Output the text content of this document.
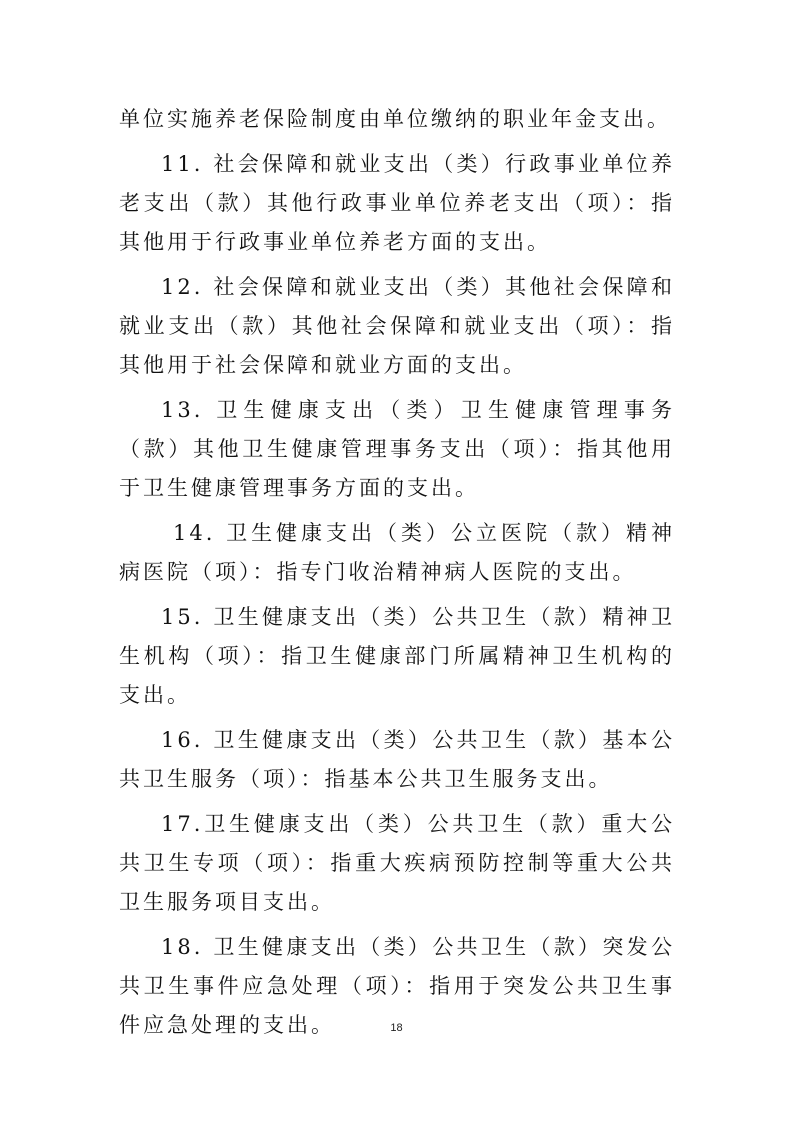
单位实施养老保险制度由单位缴纳的职业年金支出。

11. 社会保障和就业支出（类）行政事业单位养老支出（款）其他行政事业单位养老支出（项）：指其他用于行政事业单位养老方面的支出。

12. 社会保障和就业支出（类）其他社会保障和就业支出（款）其他社会保障和就业支出（项）：指其他用于社会保障和就业方面的支出。

13. 卫生健康支出（类）卫生健康管理事务（款）其他卫生健康管理事务支出（项）：指其他用于卫生健康管理事务方面的支出。

14. 卫生健康支出（类）公立医院（款）精神病医院（项）：指专门收治精神病人医院的支出。

15. 卫生健康支出（类）公共卫生（款）精神卫生机构（项）：指卫生健康部门所属精神卫生机构的支出。

16. 卫生健康支出（类）公共卫生（款）基本公共卫生服务（项）：指基本公共卫生服务支出。

17.卫生健康支出（类）公共卫生（款）重大公共卫生专项（项）：指重大疾病预防控制等重大公共卫生服务项目支出。

18. 卫生健康支出（类）公共卫生（款）突发公共卫生事件应急处理（项）：指用于突发公共卫生事件应急处理的支出。	18
